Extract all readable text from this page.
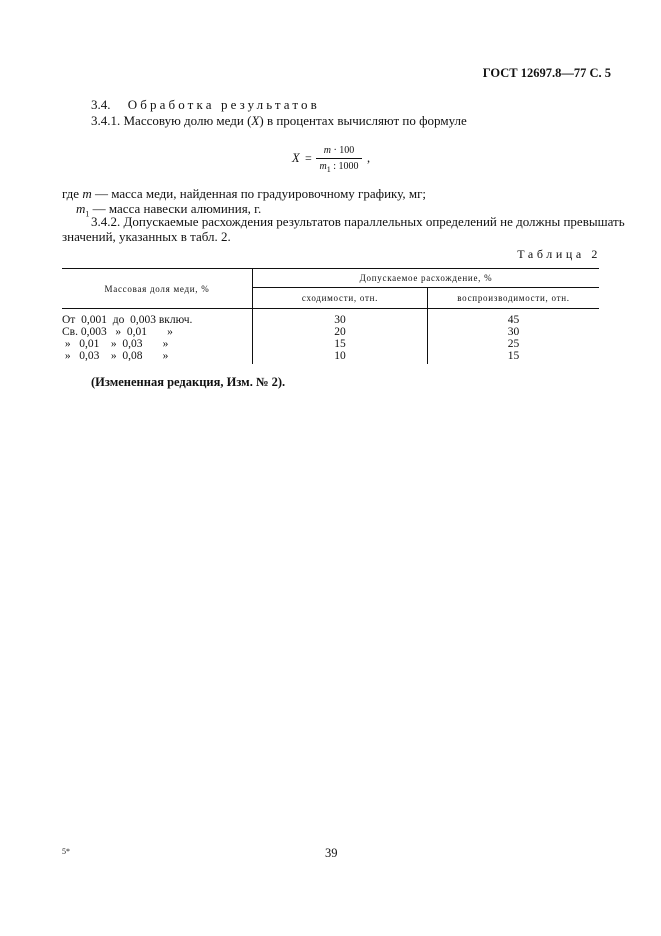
ГОСТ 12697.8—77 С. 5
3.4. Обработка результатов
3.4.1. Массовую долю меди (X) в процентах вычисляют по формуле
X =
m · 100
$m_1$ : 1000
,
где m — масса меди, найденная по градуировочному графику, мг;
$m_1$ — масса навески алюминия, г.
3.4.2. Допускаемые расхождения результатов параллельных определений не должны превышать
значений, указанных в табл. 2.
Таблица 2
Массовая доля меди, %	Допускаемое расхождение, %	
	сходимости, отн.	воспроизводимости, отн.
От 0,001 до 0,003 включ.	30	45
Св. 0,003 » 0,01 »	20	30
» 0,01 » 0,03 »	15	25
» 0,03 » 0,08 »	10	15
(Измененная редакция, Изм. № 2).
5*	39
